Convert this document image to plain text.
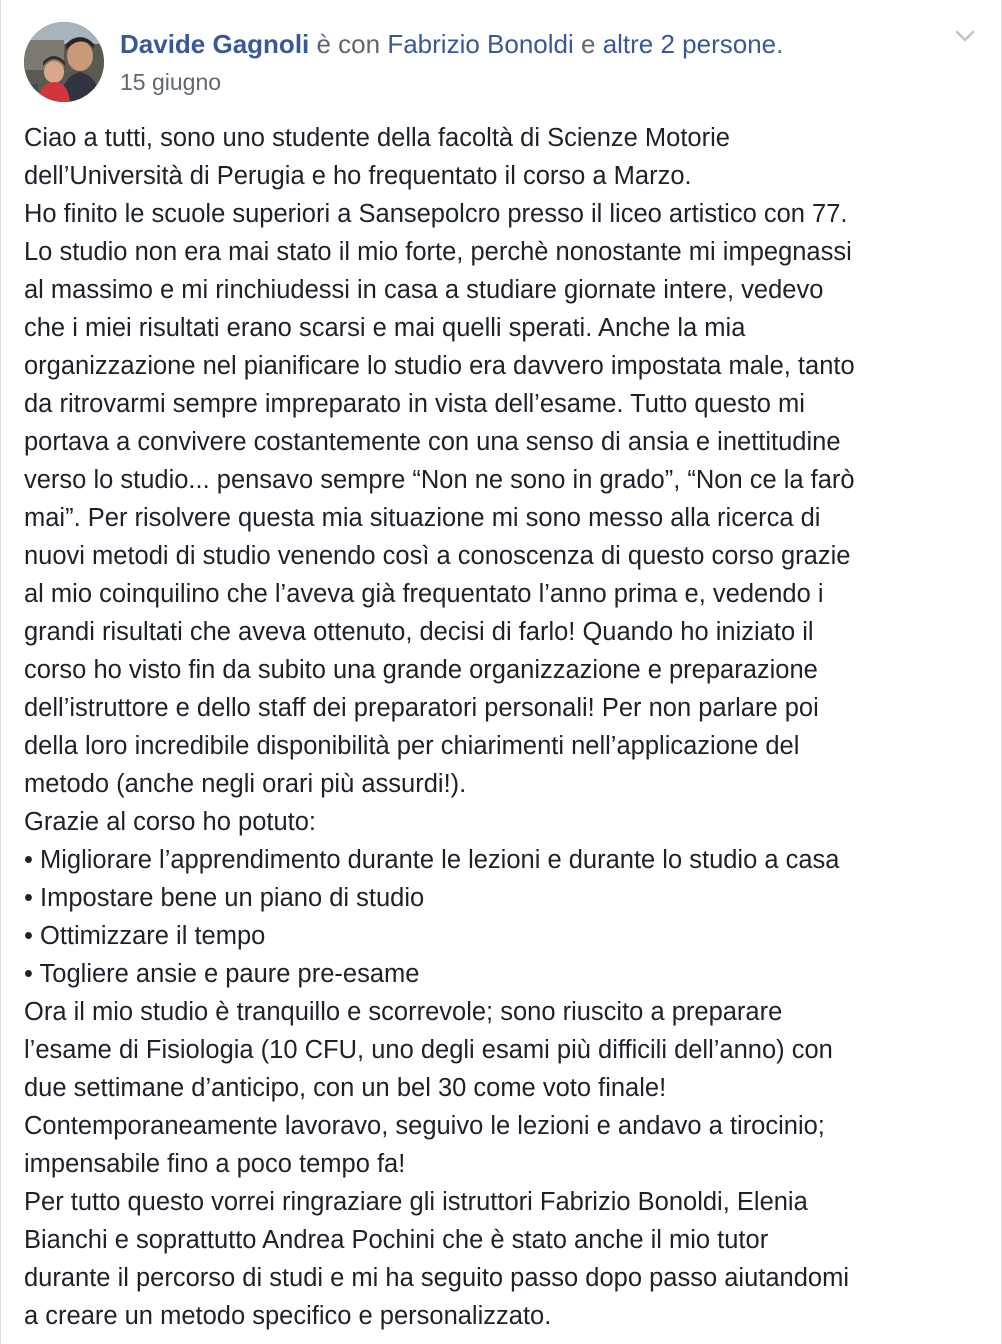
Davide Gagnoli è con Fabrizio Bonoldi e altre 2 persone.
15 giugno
Ciao a tutti, sono uno studente della facoltà di Scienze Motorie
dell’Università di Perugia e ho frequentato il corso a Marzo.
Ho finito le scuole superiori a Sansepolcro presso il liceo artistico con 77.
Lo studio non era mai stato il mio forte, perchè nonostante mi impegnassi
al massimo e mi rinchiudessi in casa a studiare giornate intere, vedevo
che i miei risultati erano scarsi e mai quelli sperati. Anche la mia
organizzazione nel pianificare lo studio era davvero impostata male, tanto
da ritrovarmi sempre impreparato in vista dell’esame. Tutto questo mi
portava a convivere costantemente con una senso di ansia e inettitudine
verso lo studio... pensavo sempre “Non ne sono in grado”, “Non ce la farò
mai”. Per risolvere questa mia situazione mi sono messo alla ricerca di
nuovi metodi di studio venendo così a conoscenza di questo corso grazie
al mio coinquilino che l’aveva già frequentato l’anno prima e, vedendo i
grandi risultati che aveva ottenuto, decisi di farlo! Quando ho iniziato il
corso ho visto fin da subito una grande organizzazione e preparazione
dell’istruttore e dello staff dei preparatori personali! Per non parlare poi
della loro incredibile disponibilità per chiarimenti nell’applicazione del
metodo (anche negli orari più assurdi!).
Grazie al corso ho potuto:
• Migliorare l’apprendimento durante le lezioni e durante lo studio a casa
• Impostare bene un piano di studio
• Ottimizzare il tempo
• Togliere ansie e paure pre-esame
Ora il mio studio è tranquillo e scorrevole; sono riuscito a preparare
l’esame di Fisiologia (10 CFU, uno degli esami più difficili dell’anno) con
due settimane d’anticipo, con un bel 30 come voto finale!
Contemporaneamente lavoravo, seguivo le lezioni e andavo a tirocinio;
impensabile fino a poco tempo fa!
Per tutto questo vorrei ringraziare gli istruttori Fabrizio Bonoldi, Elenia
Bianchi e soprattutto Andrea Pochini che è stato anche il mio tutor
durante il percorso di studi e mi ha seguito passo dopo passo aiutandomi
a creare un metodo specifico e personalizzato.
